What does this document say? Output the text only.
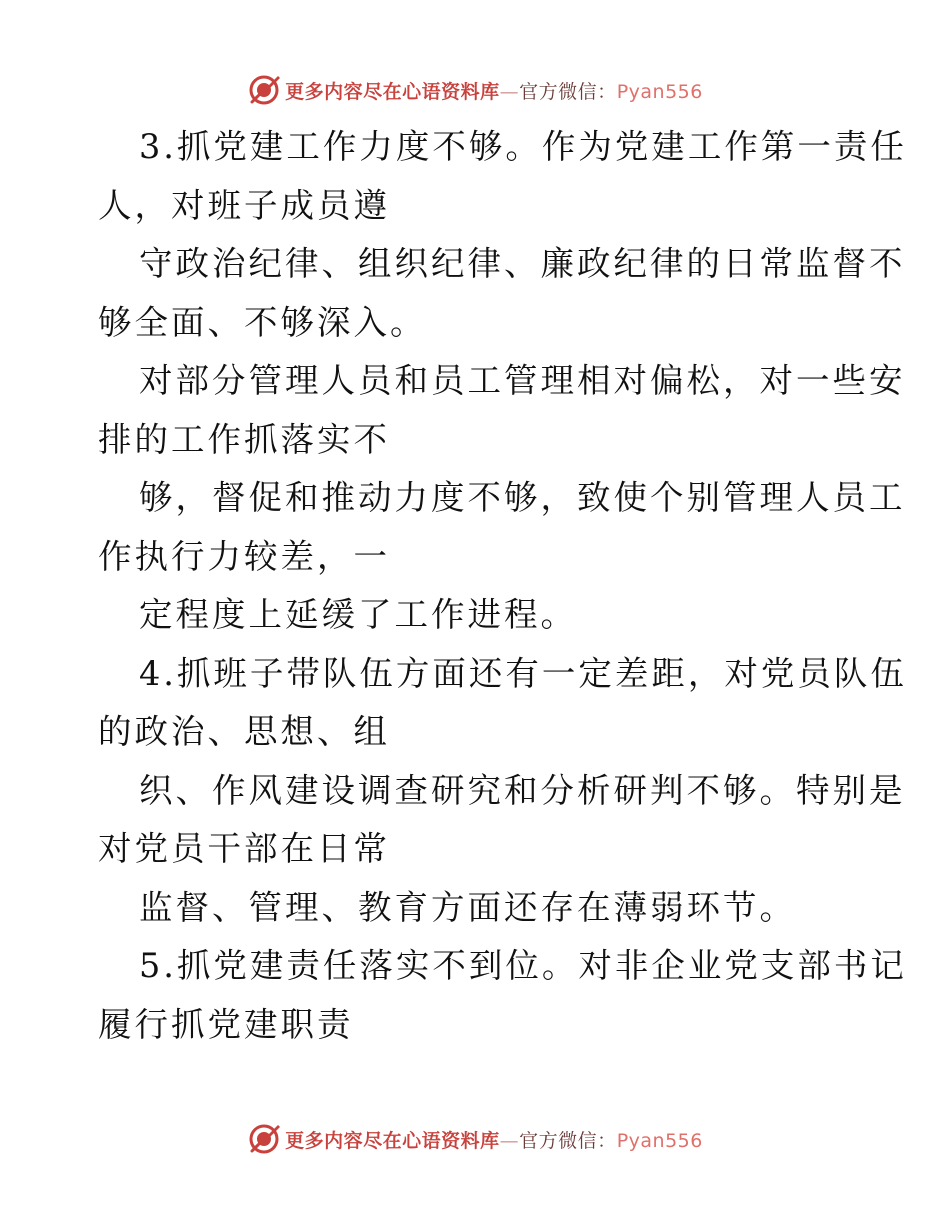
更多内容尽在心语资料库—官方微信：Pyan556

3.抓党建工作力度不够。作为党建工作第一责任

人，对班子成员遵

守政治纪律、组织纪律、廉政纪律的日常监督不

够全面、不够深入。

对部分管理人员和员工管理相对偏松，对一些安

排的工作抓落实不

够，督促和推动力度不够，致使个别管理人员工

作执行力较差，一

定程度上延缓了工作进程。

4.抓班子带队伍方面还有一定差距，对党员队伍

的政治、思想、组

织、作风建设调查研究和分析研判不够。特别是

对党员干部在日常

监督、管理、教育方面还存在薄弱环节。

5.抓党建责任落实不到位。对非企业党支部书记

履行抓党建职责

更多内容尽在心语资料库—官方微信：Pyan556
